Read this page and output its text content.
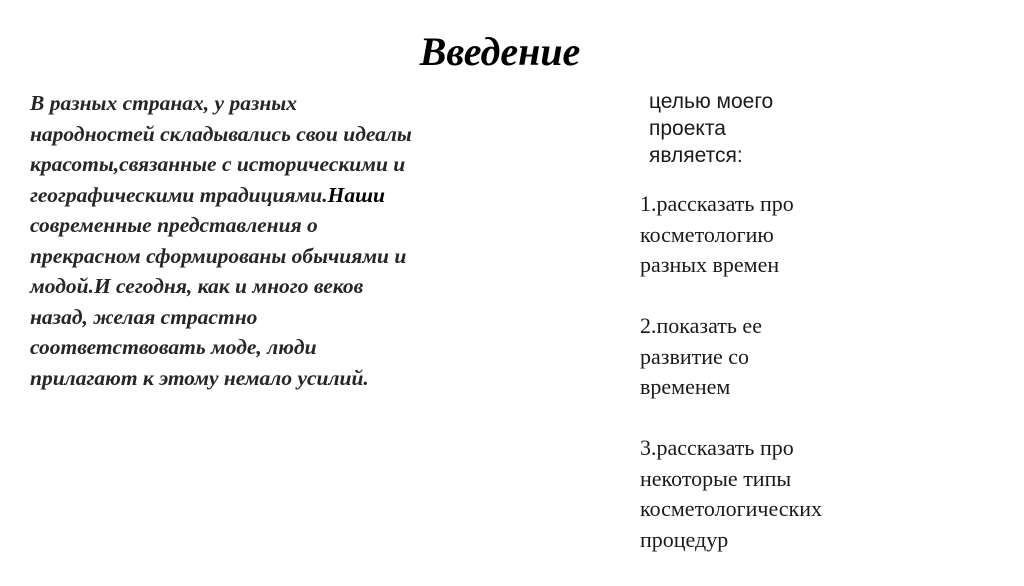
Введение

В разных странах, у разных народностей складывались свои идеалы красоты,связанные с историческими и географическими традициями.Наши современные представления о прекрасном сформированы обычиями и модой.И сегодня, как и много веков назад, желая страстно соответствовать моде, люди прилагают к этому немало усилий.

целью моего
проекта
является:

1.рассказать про
косметологию
разных времен

2.показать ее
развитие со
временем

3.рассказать про
некоторые типы
косметологических
процедур
